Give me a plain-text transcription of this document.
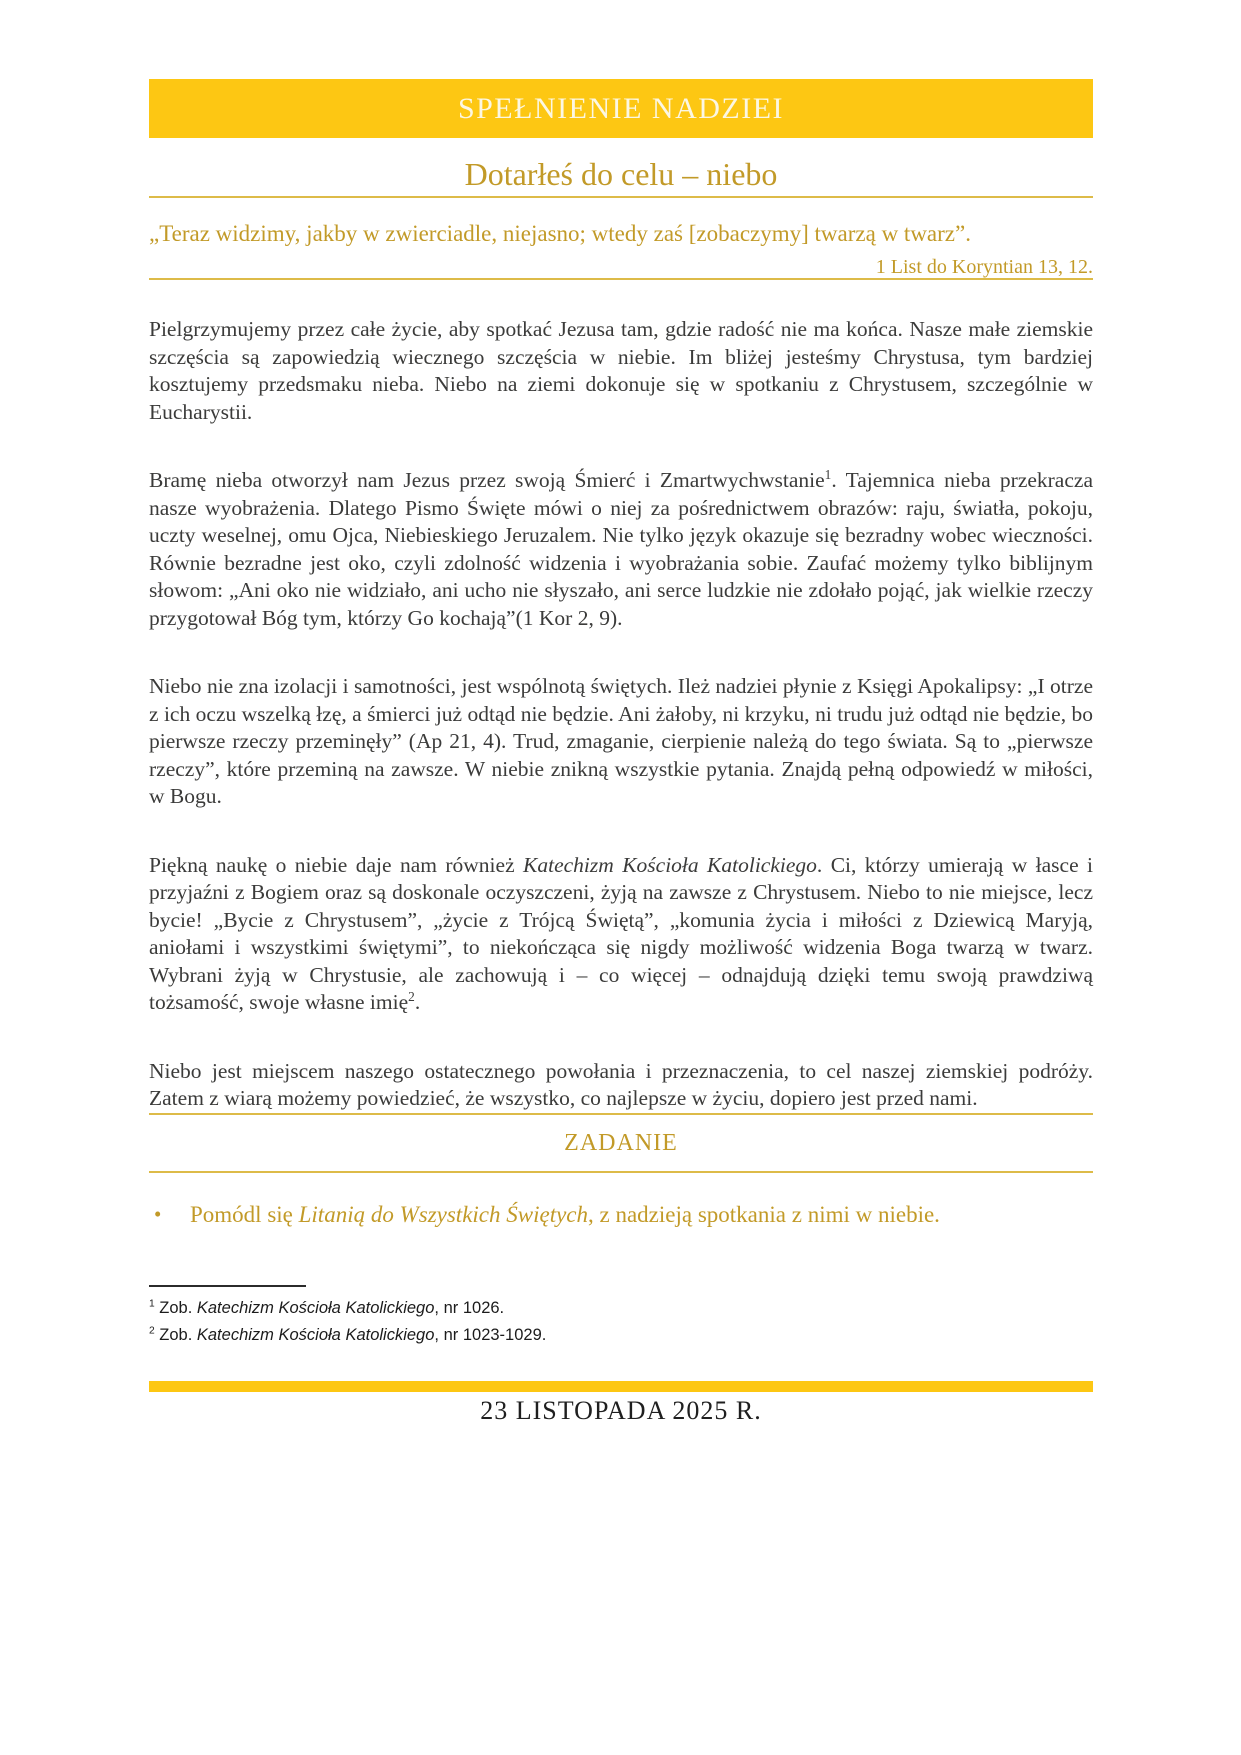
SPEŁNIENIE NADZIEI
Dotarłeś do celu – niebo

„Teraz widzimy, jakby w zwierciadle, niejasno; wtedy zaś [zobaczymy] twarzą w twarz”.

1 List do Koryntian 13, 12.

Pielgrzymujemy przez całe życie, aby spotkać Jezusa tam, gdzie radość nie ma końca. Nasze małe ziemskie szczęścia są zapowiedzią wiecznego szczęścia w niebie. Im bliżej jesteśmy Chrystusa, tym bardziej kosztujemy przedsmaku nieba. Niebo na ziemi dokonuje się w spotkaniu z Chrystusem, szczególnie w Eucharystii.

Bramę nieba otworzył nam Jezus przez swoją Śmierć i Zmartwychwstanie$^1$. Tajemnica nieba przekracza nasze wyobrażenia. Dlatego Pismo Święte mówi o niej za pośrednictwem obrazów: raju, światła, pokoju, uczty weselnej, omu Ojca, Niebieskiego Jeruzalem. Nie tylko język okazuje się bezradny wobec wieczności. Równie bezradne jest oko, czyli zdolność widzenia i wyobrażania sobie. Zaufać możemy tylko biblijnym słowom: „Ani oko nie widziało, ani ucho nie słyszało, ani serce ludzkie nie zdołało pojąć, jak wielkie rzeczy przygotował Bóg tym, którzy Go kochają”(1 Kor 2, 9).

Niebo nie zna izolacji i samotności, jest wspólnotą świętych. Ileż nadziei płynie z Księgi Apokalipsy: „I otrze z ich oczu wszelką łzę, a śmierci już odtąd nie będzie. Ani żałoby, ni krzyku, ni trudu już odtąd nie będzie, bo pierwsze rzeczy przeminęły” (Ap 21, 4). Trud, zmaganie, cierpienie należą do tego świata. Są to „pierwsze rzeczy”, które przeminą na zawsze. W niebie znikną wszystkie pytania. Znajdą pełną odpowiedź w miłości, w Bogu.

Piękną naukę o niebie daje nam również Katechizm Kościoła Katolickiego. Ci, którzy umierają w łasce i przyjaźni z Bogiem oraz są doskonale oczyszczeni, żyją na zawsze z Chrystusem. Niebo to nie miejsce, lecz bycie! „Bycie z Chrystusem”, „życie z Trójcą Świętą”, „komunia życia i miłości z Dziewicą Maryją, aniołami i wszystkimi świętymi”, to niekończąca się nigdy możliwość widzenia Boga twarzą w twarz. Wybrani żyją w Chrystusie, ale zachowują i – co więcej – odnajdują dzięki temu swoją prawdziwą tożsamość, swoje własne imię$^2$.

Niebo jest miejscem naszego ostatecznego powołania i przeznaczenia, to cel naszej ziemskiej podróży. Zatem z wiarą możemy powiedzieć, że wszystko, co najlepsze w życiu, dopiero jest przed nami.

ZADANIE
•	Pomódl się Litanią do Wszystkich Świętych, z nadzieją spotkania z nimi w niebie.
$^1$ Zob. Katechizm Kościoła Katolickiego, nr 1026.
$^2$ Zob. Katechizm Kościoła Katolickiego, nr 1023-1029.
23 LISTOPADA 2025 R.
